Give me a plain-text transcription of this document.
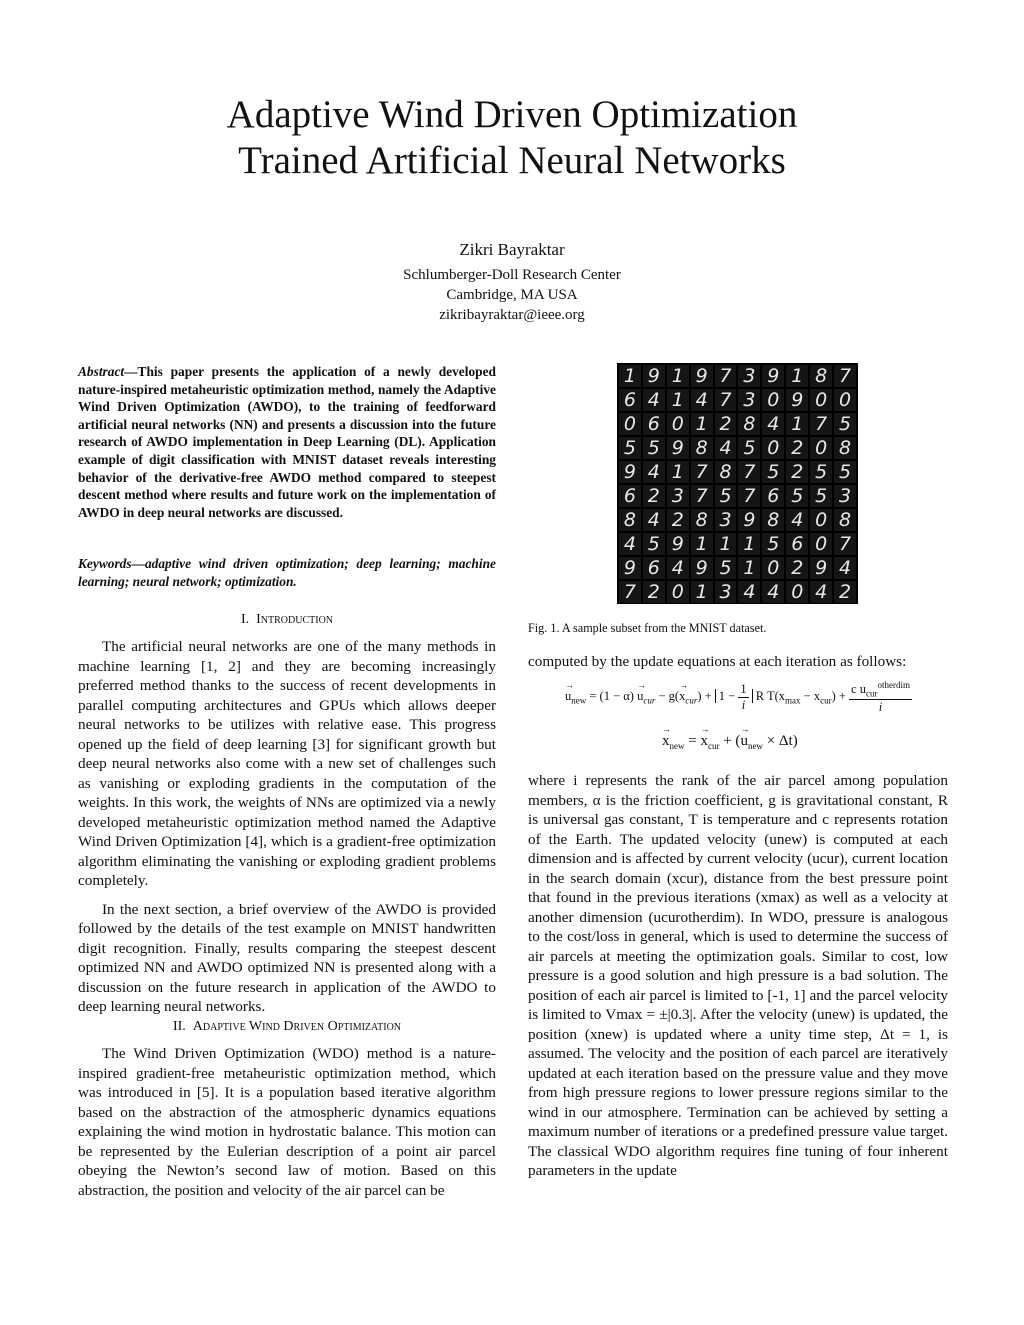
Adaptive Wind Driven Optimization
Trained Artificial Neural Networks
Zikri Bayraktar
Schlumberger-Doll Research Center
Cambridge, MA USA
zikribayraktar@ieee.org
Abstract—This paper presents the application of a newly developed nature-inspired metaheuristic optimization method, namely the Adaptive Wind Driven Optimization (AWDO), to the training of feedforward artificial neural networks (NN) and presents a discussion into the future research of AWDO implementation in Deep Learning (DL). Application example of digit classification with MNIST dataset reveals interesting behavior of the derivative-free AWDO method compared to steepest descent method where results and future work on the implementation of AWDO in deep neural networks are discussed.
Keywords—adaptive wind driven optimization; deep learning; machine learning; neural network; optimization.
I. Introduction

The artificial neural networks are one of the many methods in machine learning [1, 2] and they are becoming increasingly preferred method thanks to the success of recent developments in parallel computing architectures and GPUs which allows deeper neural networks to be utilizes with relative ease. This progress opened up the field of deep learning [3] for significant growth but deep neural networks also come with a new set of challenges such as vanishing or exploding gradients in the computation of the weights. In this work, the weights of NNs are optimized via a newly developed metaheuristic optimization method named the Adaptive Wind Driven Optimization [4], which is a gradient-free optimization algorithm eliminating the vanishing or exploding gradient problems completely.

In the next section, a brief overview of the AWDO is provided followed by the details of the test example on MNIST handwritten digit recognition. Finally, results comparing the steepest descent optimized NN and AWDO optimized NN is presented along with a discussion on the future research in application of the AWDO to deep learning neural networks.

II. Adaptive Wind Driven Optimization

The Wind Driven Optimization (WDO) method is a nature-inspired gradient-free metaheuristic optimization method, which was introduced in [5]. It is a population based iterative algorithm based on the abstraction of the atmospheric dynamics equations explaining the wind motion in hydrostatic balance. This motion can be represented by the Eulerian description of a point air parcel obeying the Newton’s second law of motion. Based on this abstraction, the position and velocity of the air parcel can be

1 9 1 9 7 3 9 1 8 7
6 4 1 4 7 3 0 9 0 0
0 6 0 1 2 8 4 1 7 5
5 5 9 8 4 5 0 2 0 8
9 4 1 7 8 7 5 2 5 5
6 2 3 7 5 7 6 5 5 3
8 4 2 8 3 9 8 4 0 8
4 5 9 1 1 1 5 6 0 7
9 6 4 9 5 1 0 2 9 4
7 2 0 1 3 4 4 0 4 2
Fig. 1. A sample subset from the MNIST dataset.
computed by the update equations at each iteration as follows:
→ $u_{new} = (1 - \alpha) \to u_{cur} - g(\to x_{cur}) + 1 - \frac{1}{i}$ R $T(x_{max} - x_{cur}) + \frac{c u_{cur}^{otherdim}}{i}$
→ $x_{new}$ = → $x_{cur}$ + (→ $u_{new} \times \Delta t$)
where i represents the rank of the air parcel among population members, α is the friction coefficient, g is gravitational constant, R is universal gas constant, T is temperature and c represents rotation of the Earth. The updated velocity (unew) is computed at each dimension and is affected by current velocity (ucur), current location in the search domain (xcur), distance from the best pressure point that found in the previous iterations (xmax) as well as a velocity at another dimension (ucurotherdim). In WDO, pressure is analogous to the cost/loss in general, which is used to determine the success of air parcels at meeting the optimization goals. Similar to cost, low pressure is a good solution and high pressure is a bad solution. The position of each air parcel is limited to [-1, 1] and the parcel velocity is limited to Vmax = ±|0.3|. After the velocity (unew) is updated, the position (xnew) is updated where a unity time step, Δt = 1, is assumed. The velocity and the position of each parcel are iteratively updated at each iteration based on the pressure value and they move from high pressure regions to lower pressure regions similar to the wind in our atmosphere. Termination can be achieved by setting a maximum number of iterations or a predefined pressure value target. The classical WDO algorithm requires fine tuning of four inherent parameters in the update
